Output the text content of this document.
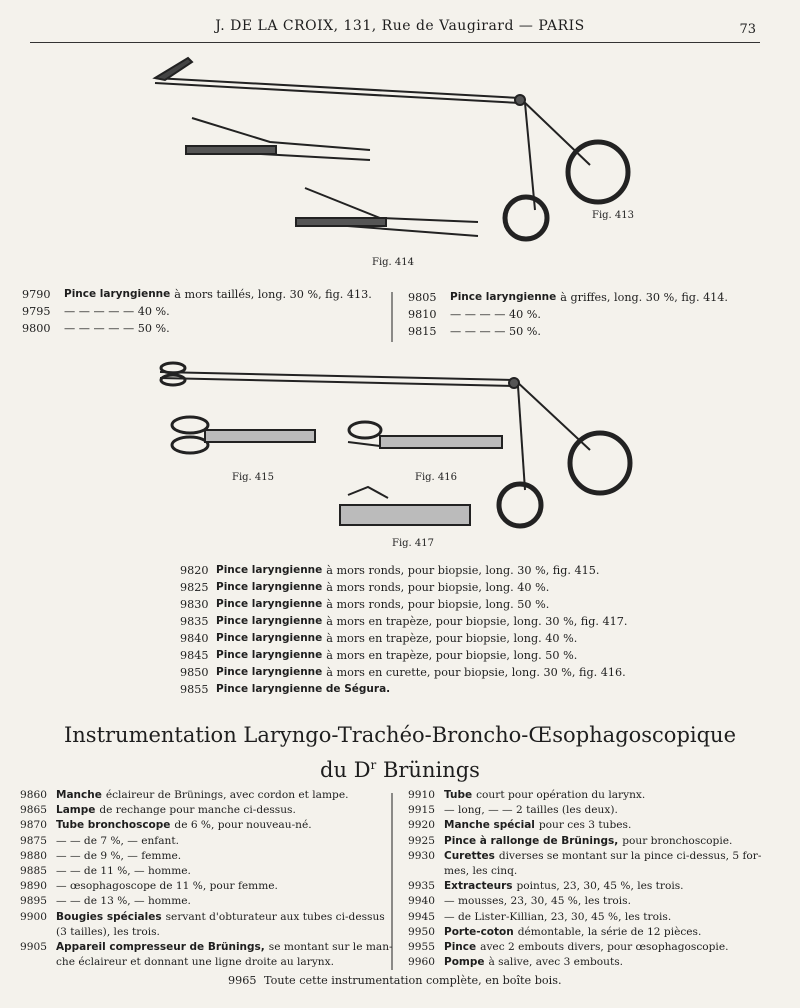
J. DE LA CROIX, 131, Rue de Vaugirard — PARIS	73
Fig. 413
Fig. 414
Fig. 415	Fig. 416
Fig. 417
9790	Pince laryngienne à mors taillés, long. 30 %, fig. 413.
9795	— — — — — 40 %.
9800	— — — — — 50 %.
9805	Pince laryngienne à griffes, long. 30 %, fig. 414.
9810	— — — — 40 %.
9815	— — — — 50 %.
9820 Pince laryngienne à mors ronds, pour biopsie, long. 30 %, fig. 415.
9825 Pince laryngienne à mors ronds, pour biopsie, long. 40 %.
9830 Pince laryngienne à mors ronds, pour biopsie, long. 50 %.
9835 Pince laryngienne à mors en trapèze, pour biopsie, long. 30 %, fig. 417.
9840 Pince laryngienne à mors en trapèze, pour biopsie, long. 40 %.
9845 Pince laryngienne à mors en trapèze, pour biopsie, long. 50 %.
9850 Pince laryngienne à mors en curette, pour biopsie, long. 30 %, fig. 416.
9855 Pince laryngienne de Ségura.
Instrumentation Laryngo-Trachéo-Broncho-Œsophagoscopique
du $D^r$ Brünings
9860 Manche éclaireur de Brünings, avec cordon et lampe.
9865 Lampe de rechange pour manche ci-dessus.
9870 Tube bronchoscope de 6 %, pour nouveau-né.
9875 — — de 7 %, — enfant.
9880 — — de 9 %, — femme.
9885 — — de 11 %, — homme.
9890 — œsophagoscope de 11 %, pour femme.
9895 — — de 13 %, — homme.
9900 Bougies spéciales servant d'obturateur aux tubes ci-dessus
(3 tailles), les trois.
9905 Appareil compresseur de Brünings, se montant sur le man-
che éclaireur et donnant une ligne droite au larynx.
9910 Tube court pour opération du larynx.
9915 — long, — — 2 tailles (les deux).
9920 Manche spécial pour ces 3 tubes.
9925 Pince à rallonge de Brünings, pour bronchoscopie.
9930 Curettes diverses se montant sur la pince ci-dessus, 5 for-
mes, les cinq.
9935 Extracteurs pointus, 23, 30, 45 %, les trois.
9940 — mousses, 23, 30, 45 %, les trois.
9945 — de Lister-Killian, 23, 30, 45 %, les trois.
9950 Porte-coton démontable, la série de 12 pièces.
9955 Pince avec 2 embouts divers, pour œsophagoscopie.
9960 Pompe à salive, avec 3 embouts.
9965 Toute cette instrumentation complète, en boîte bois.
